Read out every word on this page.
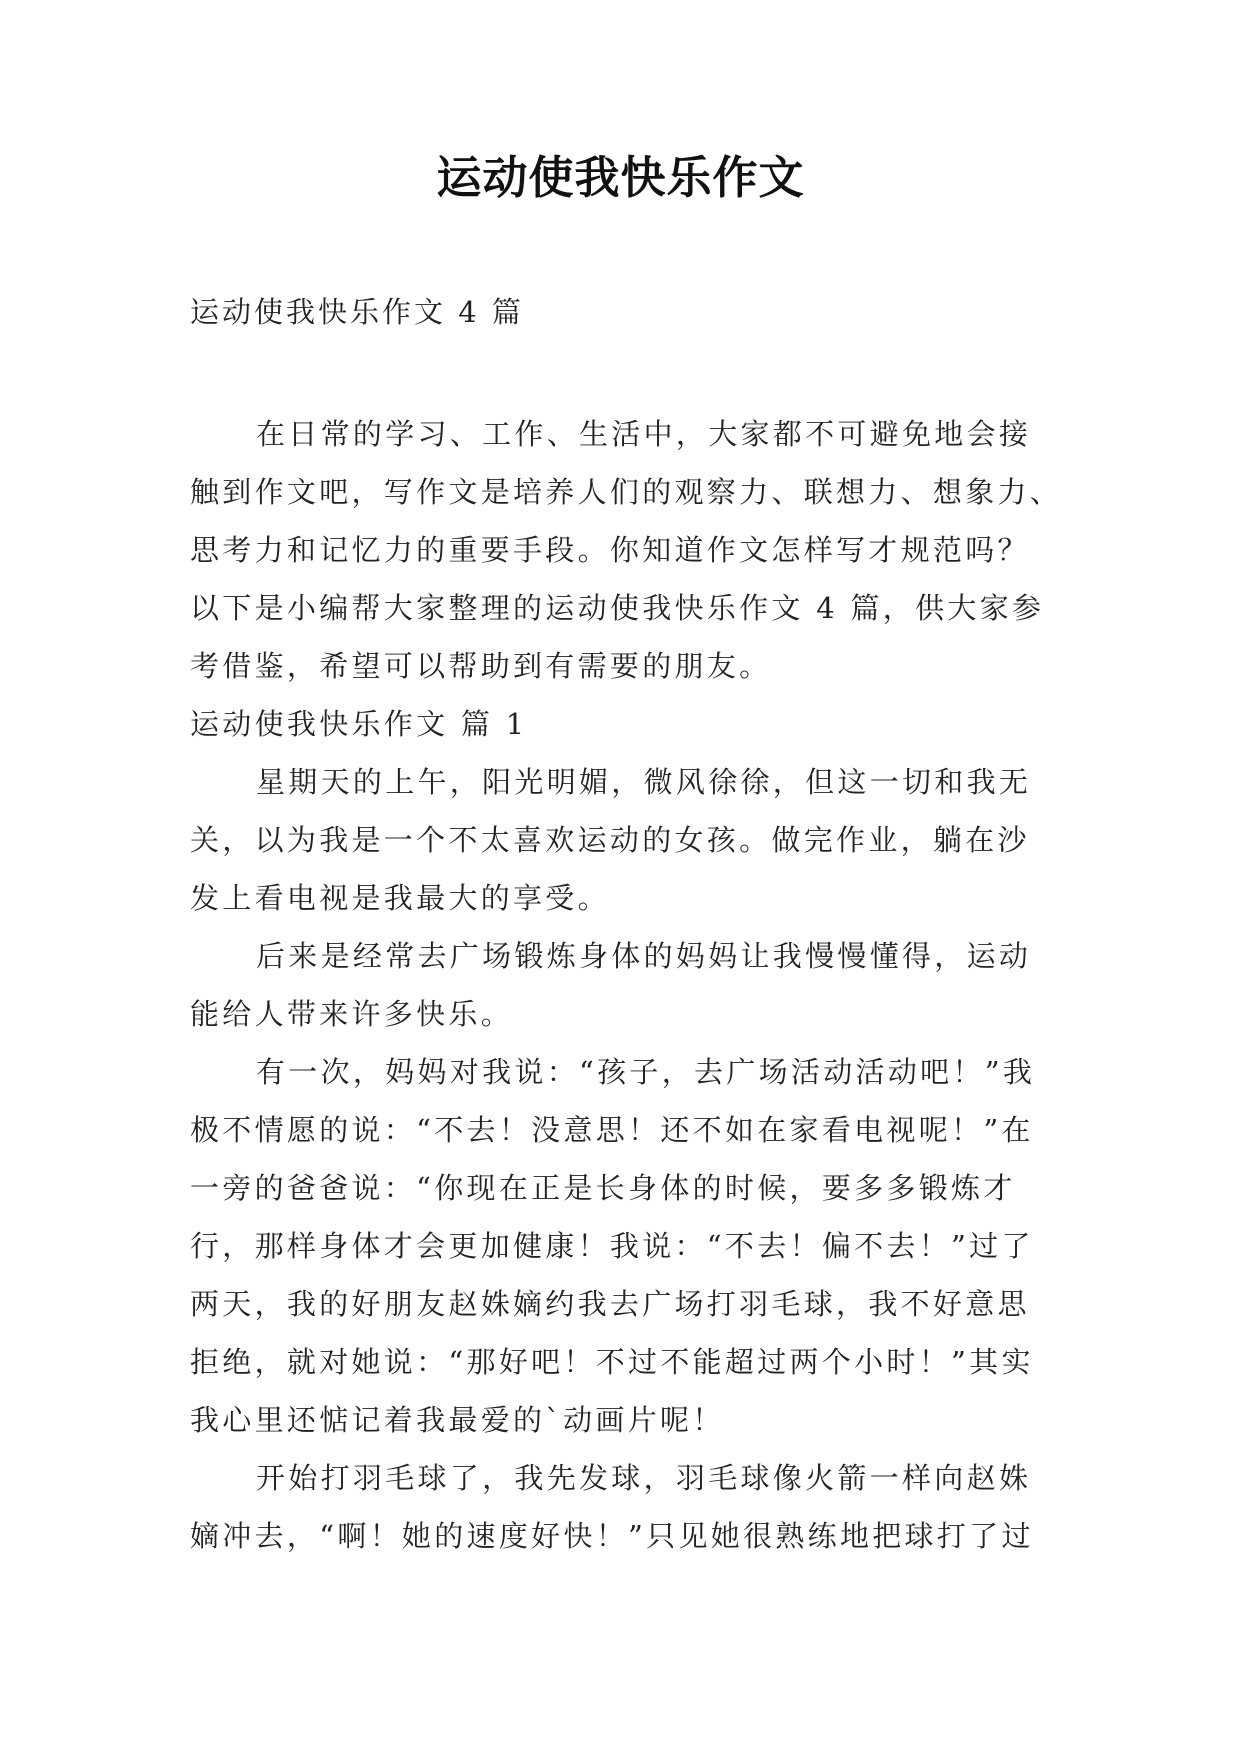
运动使我快乐作文
运动使我快乐作文 4 篇
在日常的学习、工作、生活中，大家都不可避免地会接
触到作文吧，写作文是培养人们的观察力、联想力、想象力、
思考力和记忆力的重要手段。你知道作文怎样写才规范吗？
以下是小编帮大家整理的运动使我快乐作文 4 篇，供大家参
考借鉴，希望可以帮助到有需要的朋友。
运动使我快乐作文 篇 1
星期天的上午，阳光明媚，微风徐徐，但这一切和我无
关，以为我是一个不太喜欢运动的女孩。做完作业，躺在沙
发上看电视是我最大的享受。
后来是经常去广场锻炼身体的妈妈让我慢慢懂得，运动
能给人带来许多快乐。
有一次，妈妈对我说：“孩子，去广场活动活动吧！”我
极不情愿的说：“不去！没意思！还不如在家看电视呢！”在
一旁的爸爸说：“你现在正是长身体的时候，要多多锻炼才
行，那样身体才会更加健康！我说：“不去！偏不去！”过了
两天，我的好朋友赵姝嫡约我去广场打羽毛球，我不好意思
拒绝，就对她说：“那好吧！不过不能超过两个小时！”其实
我心里还惦记着我最爱的`动画片呢！
开始打羽毛球了，我先发球，羽毛球像火箭一样向赵姝
嫡冲去，“啊！她的速度好快！”只见她很熟练地把球打了过
